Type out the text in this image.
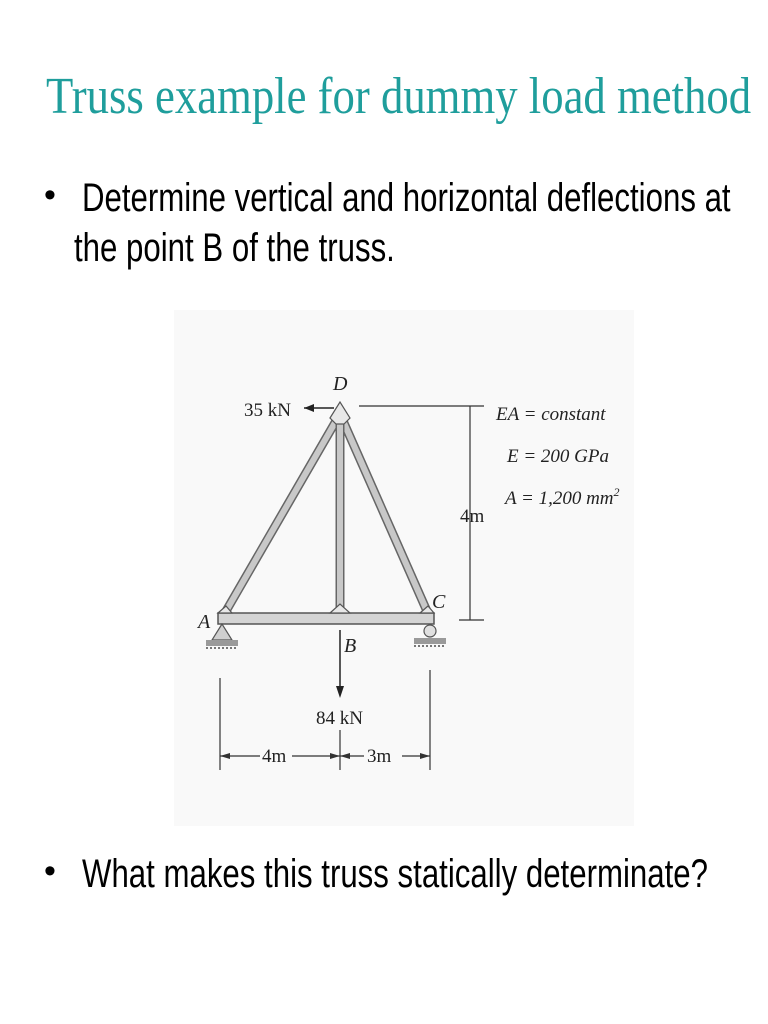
Truss example for dummy load method
• Determine vertical and horizontal deflections at
the point B of the truss.
D
A
B
C
35 kN
84 kN
4m
4m	3m
EA = constant
E = 200 GPa
A = 1,200 $mm^2$
• What makes this truss statically determinate?
